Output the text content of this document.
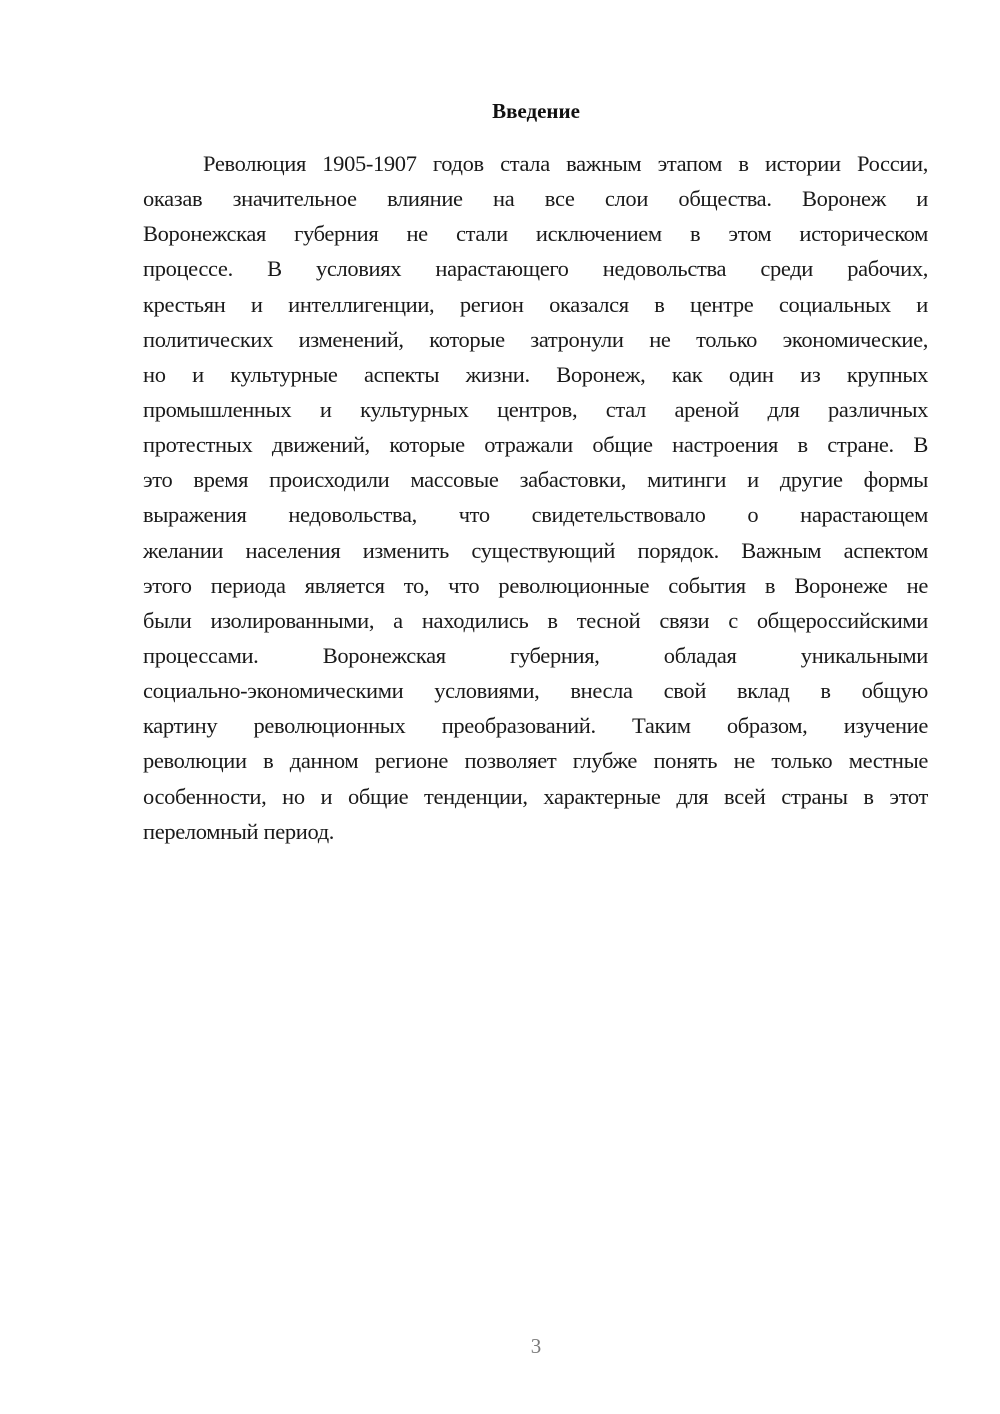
Введение
Революция 1905-1907 годов стала важным этапом в истории России,
оказав значительное влияние на все слои общества. Воронеж и
Воронежская губерния не стали исключением в этом историческом
процессе. В условиях нарастающего недовольства среди рабочих,
крестьян и интеллигенции, регион оказался в центре социальных и
политических изменений, которые затронули не только экономические,
но и культурные аспекты жизни. Воронеж, как один из крупных
промышленных и культурных центров, стал ареной для различных
протестных движений, которые отражали общие настроения в стране. В
это время происходили массовые забастовки, митинги и другие формы
выражения недовольства, что свидетельствовало о нарастающем
желании населения изменить существующий порядок. Важным аспектом
этого периода является то, что революционные события в Воронеже не
были изолированными, а находились в тесной связи с общероссийскими
процессами. Воронежская губерния, обладая уникальными
социально-экономическими условиями, внесла свой вклад в общую
картину революционных преобразований. Таким образом, изучение
революции в данном регионе позволяет глубже понять не только местные
особенности, но и общие тенденции, характерные для всей страны в этот
переломный период.
3
